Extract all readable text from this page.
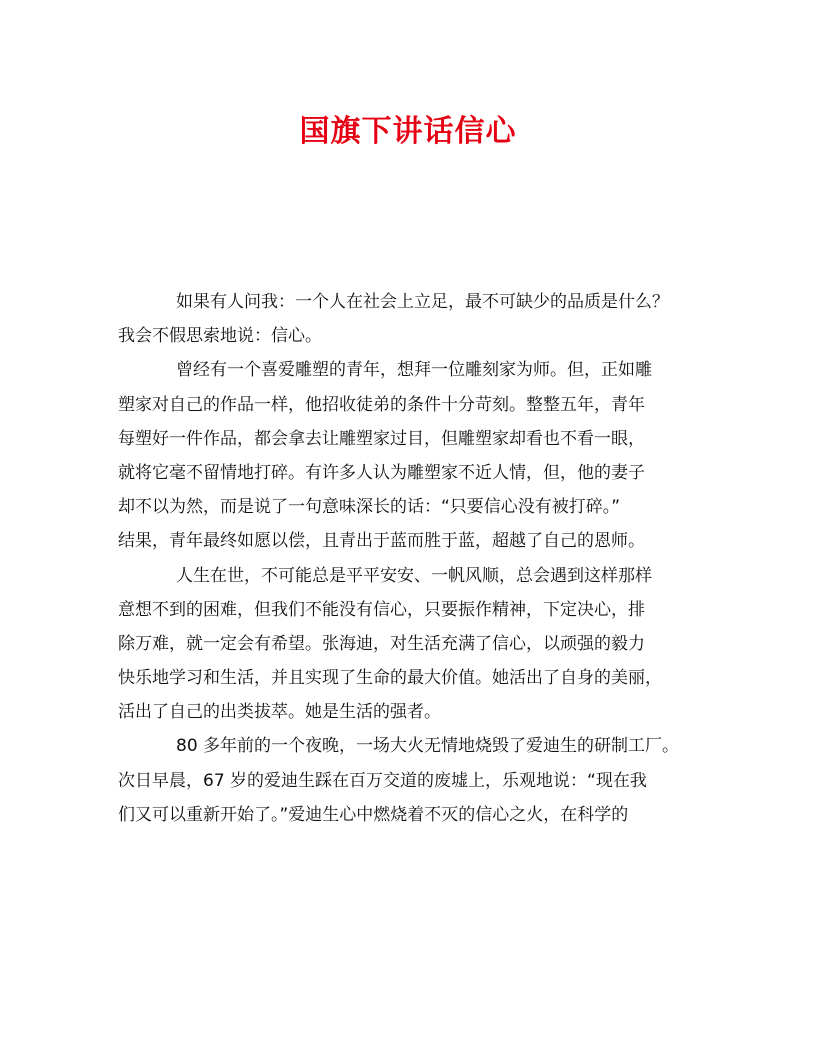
国旗下讲话信心
如果有人问我：一个人在社会上立足，最不可缺少的品质是什么？
我会不假思索地说：信心。
曾经有一个喜爱雕塑的青年，想拜一位雕刻家为师。但，正如雕
塑家对自己的作品一样，他招收徒弟的条件十分苛刻。整整五年，青年
每塑好一件作品，都会拿去让雕塑家过目，但雕塑家却看也不看一眼，
就将它毫不留情地打碎。有许多人认为雕塑家不近人情，但，他的妻子
却不以为然，而是说了一句意味深长的话：“只要信心没有被打碎。”
结果，青年最终如愿以偿，且青出于蓝而胜于蓝，超越了自己的恩师。
人生在世，不可能总是平平安安、一帆风顺，总会遇到这样那样
意想不到的困难，但我们不能没有信心，只要振作精神，下定决心，排
除万难，就一定会有希望。张海迪，对生活充满了信心，以顽强的毅力
快乐地学习和生活，并且实现了生命的最大价值。她活出了自身的美丽，
活出了自己的出类拔萃。她是生活的强者。
80 多年前的一个夜晚，一场大火无情地烧毁了爱迪生的研制工厂。
次日早晨，67 岁的爱迪生踩在百万交道的废墟上，乐观地说：“现在我
们又可以重新开始了。”爱迪生心中燃烧着不灭的信心之火，在科学的
